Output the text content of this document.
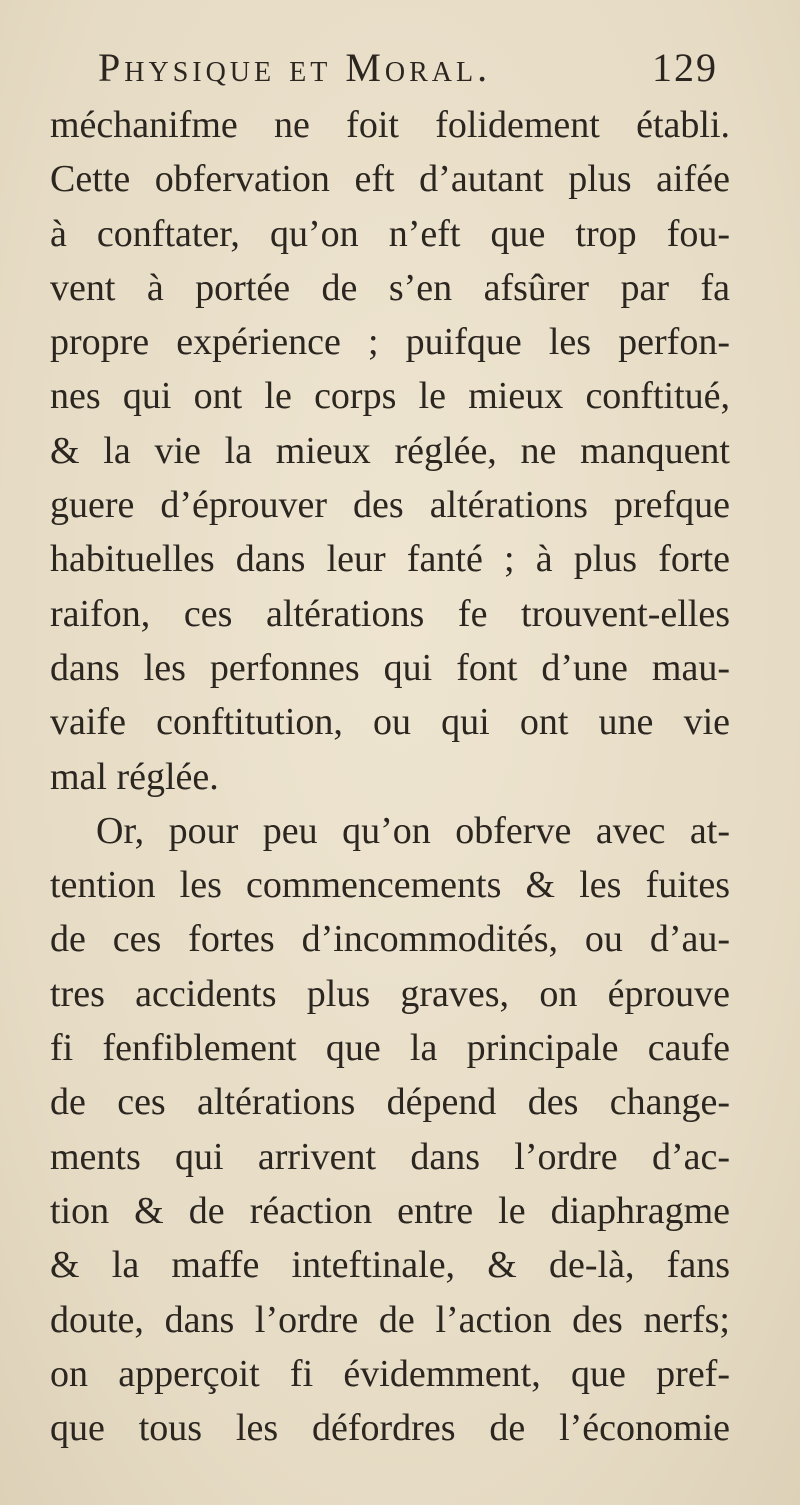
Physique et Moral.	129
méchanifme ne foit folidement établi.
Cette obfervation eft d’autant plus aifée
à conftater, qu’on n’eft que trop fou-
vent à portée de s’en afsûrer par fa
propre expérience ; puifque les perfon-
nes qui ont le corps le mieux conftitué,
& la vie la mieux réglée, ne manquent
guere d’éprouver des altérations prefque
habituelles dans leur fanté ; à plus forte
raifon, ces altérations fe trouvent-elles
dans les perfonnes qui font d’une mau-
vaife conftitution, ou qui ont une vie
mal réglée.
Or, pour peu qu’on obferve avec at-
tention les commencements & les fuites
de ces fortes d’incommodités, ou d’au-
tres accidents plus graves, on éprouve
fi fenfiblement que la principale caufe
de ces altérations dépend des change-
ments qui arrivent dans l’ordre d’ac-
tion & de réaction entre le diaphragme
& la maffe inteftinale, & de-là, fans
doute, dans l’ordre de l’action des nerfs;
on apperçoit fi évidemment, que pref-
que tous les défordres de l’économie
